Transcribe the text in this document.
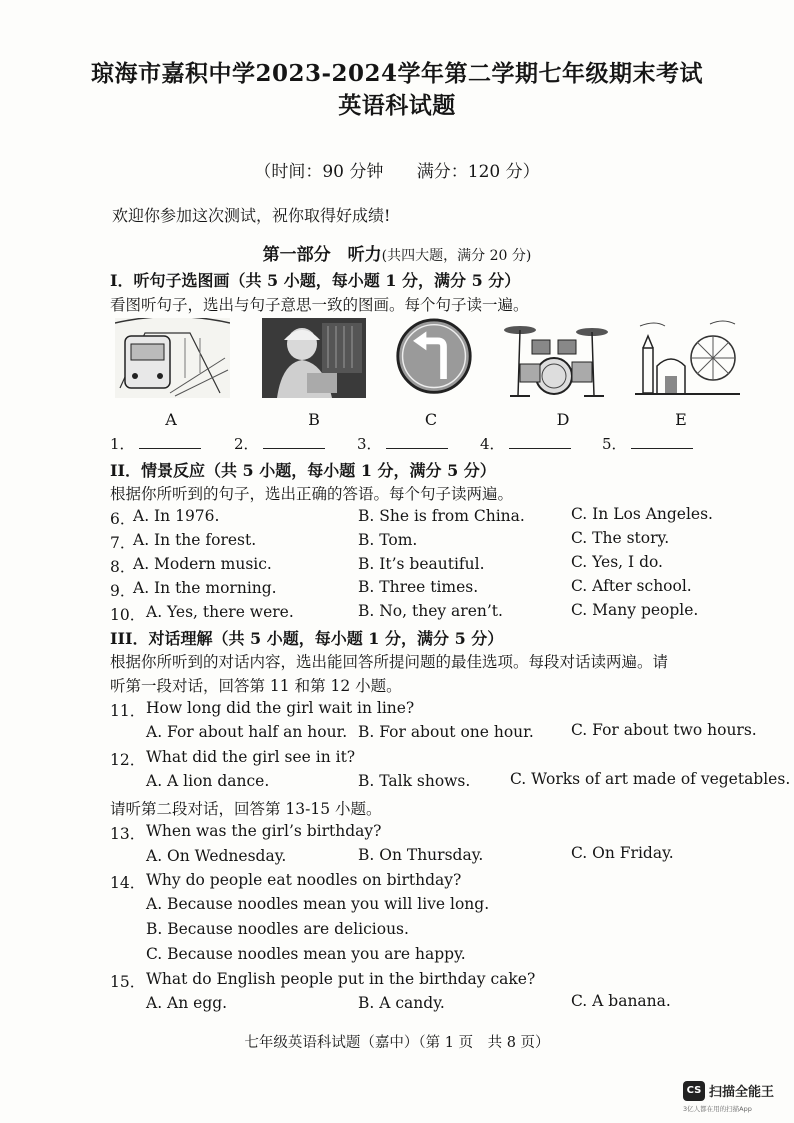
琼海市嘉积中学2023-2024学年第二学期七年级期末考试
英语科试题
（时间：90 分钟 满分：120 分）
欢迎你参加这次测试，祝你取得好成绩!
第一部分　听力(共四大题，满分 20 分)
I．听句子选图画（共 5 小题，每小题 1 分，满分 5 分）
看图听句子，选出与句子意思一致的图画。每个句子读一遍。
A	B	C	D	E
1．	2．	3．	4．	5．
II．情景反应（共 5 小题，每小题 1 分，满分 5 分）
根据你所听到的句子，选出正确的答语。每个句子读两遍。
6．
A. In 1976.	B. She is from China.	C. In Los Angeles.
7．
A. In the forest.	B. Tom.	C. The story.
8．
A. Modern music.	B. It’s beautiful.	C. Yes, I do.
9．
A. In the morning.	B. Three times.	C. After school.
10． A. Yes, there were.	B. No, they aren’t.	C. Many people.
III．对话理解（共 5 小题，每小题 1 分，满分 5 分）
根据你所听到的对话内容，选出能回答所提问题的最佳选项。每段对话读两遍。请
听第一段对话，回答第 11 和第 12 小题。
11． How long did the girl wait in line?
A. For about half an hour. B. For about one hour. C. For about two hours.
12． What did the girl see in it?
A. A lion dance.	B. Talk shows.	C. Works of art made of vegetables.
请听第二段对话，回答第 13-15 小题。
13． When was the girl’s birthday?
A. On Wednesday.	B. On Thursday.	C. On Friday.
14． Why do people eat noodles on birthday?
A. Because noodles mean you will live long.
B. Because noodles are delicious.
C. Because noodles mean you are happy.
15． What do English people put in the birthday cake?
A. An egg.	B. A candy.	C. A banana.
七年级英语科试题（嘉中）（第 1 页　共 8 页）
CS 扫描全能王
3亿人都在用的扫描App
